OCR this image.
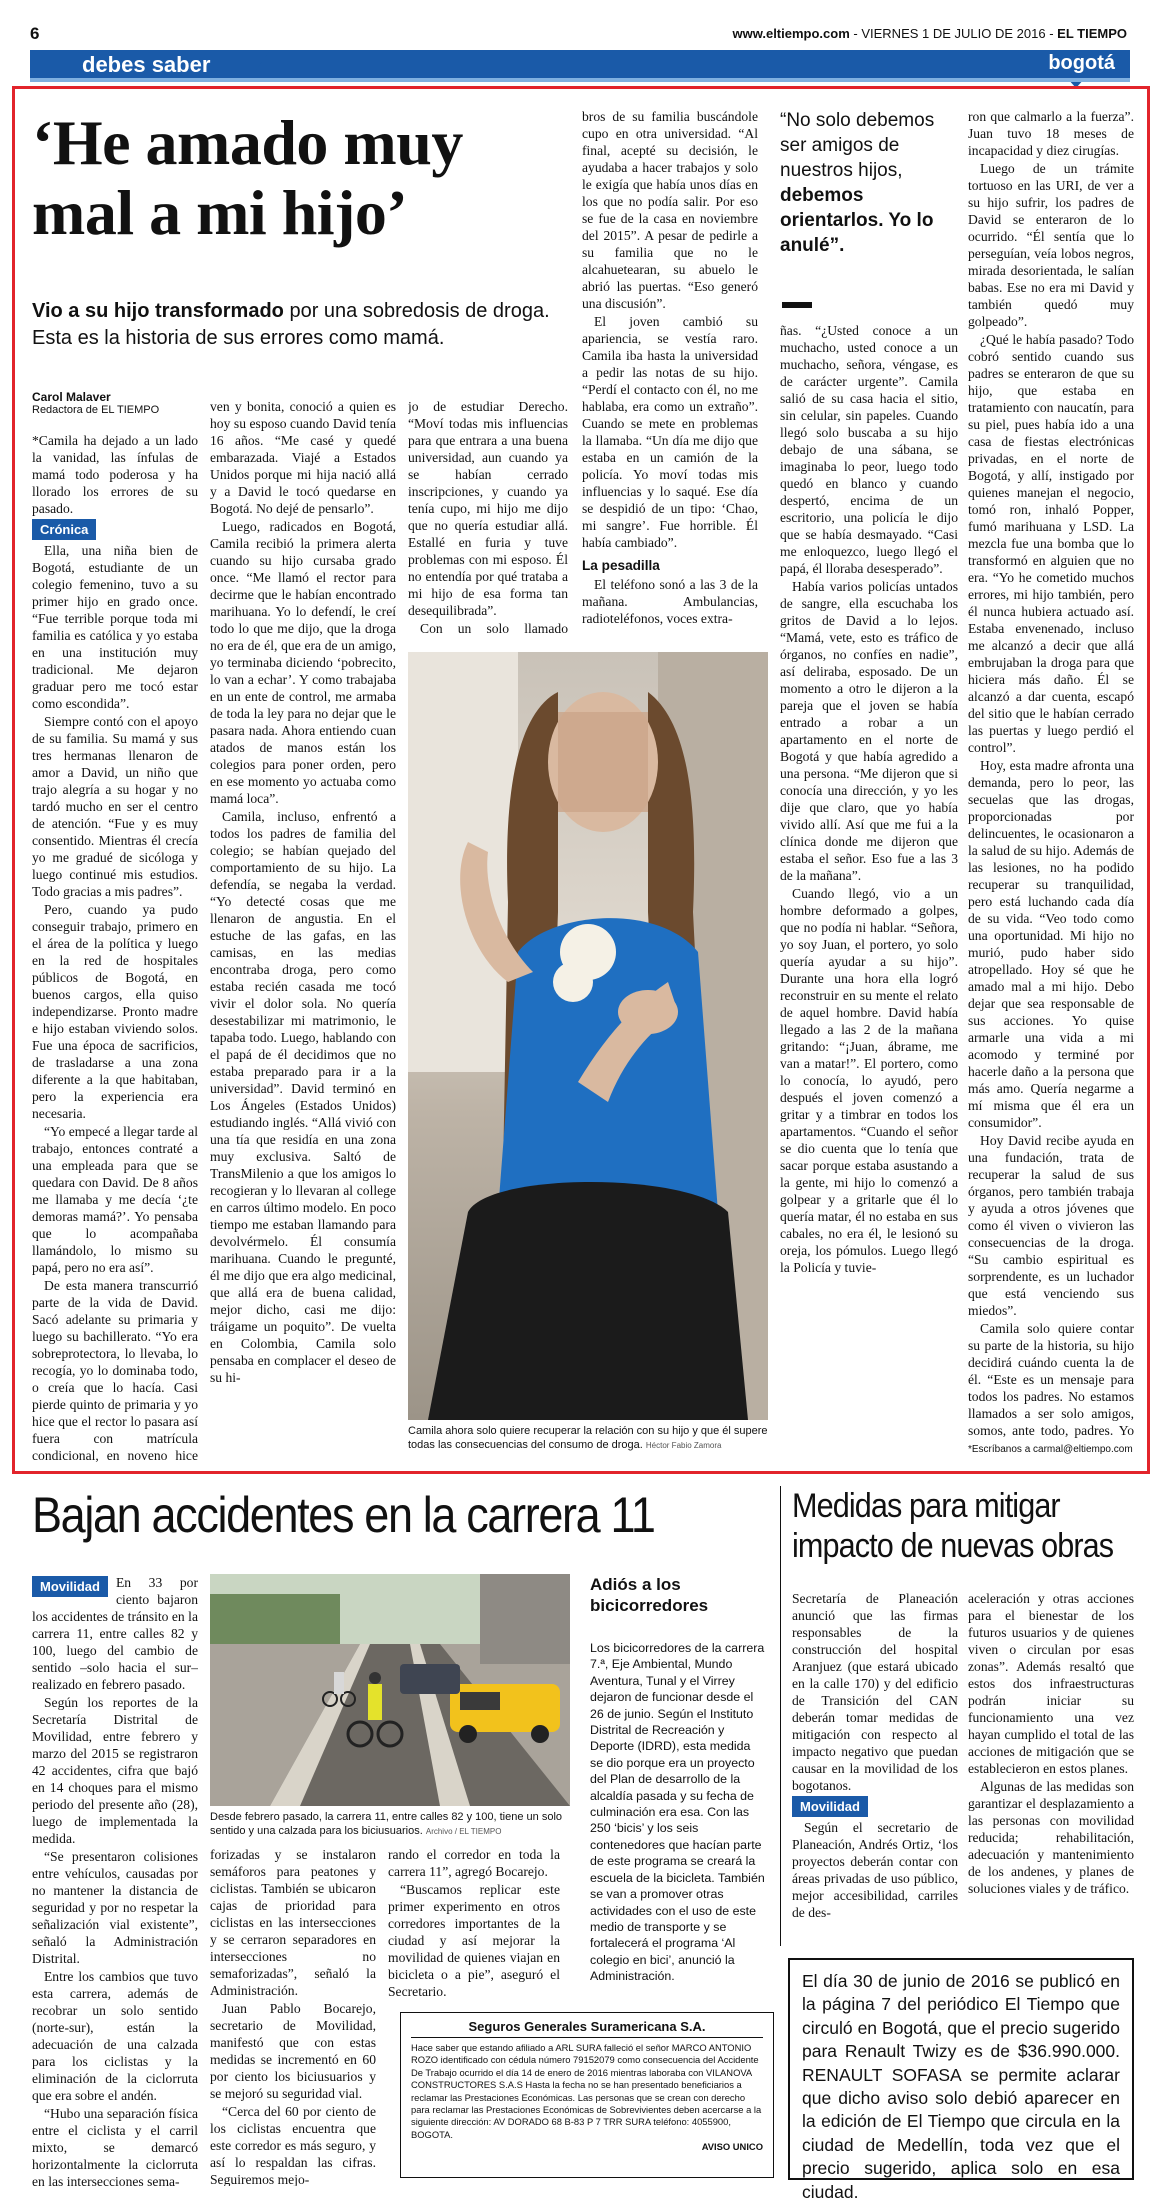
6	www.eltiempo.com - VIERNES 1 DE JULIO DE 2016 - EL TIEMPO
debes saber	bogotá
‘He amado muy mal a mi hijo’
Vio a su hijo transformado por una sobredosis de droga. Esta es la historia de sus errores como mamá.
Carol Malaver
Redactora de EL TIEMPO

*Camila ha dejado a un lado la vanidad, las ínfulas de mamá todo poderosa y ha llorado los errores de su pasado.

Crónica

Ella, una niña bien de Bogotá, estudiante de un colegio femenino, tuvo a su primer hijo en grado once. “Fue terrible porque toda mi familia es católica y yo estaba en una institución muy tradicional. Me dejaron graduar pero me tocó estar como escondida”.

Siempre contó con el apoyo de su familia. Su mamá y sus tres hermanas llenaron de amor a David, un niño que trajo alegría a su hogar y no tardó mucho en ser el centro de atención. “Fue y es muy consentido. Mientras él crecía yo me gradué de sicóloga y luego continué mis estudios. Todo gracias a mis padres”.

Pero, cuando ya pudo conseguir trabajo, primero en el área de la política y luego en la red de hospitales públicos de Bogotá, en buenos cargos, ella quiso independizarse. Pronto madre e hijo estaban viviendo solos. Fue una época de sacrificios, de trasladarse a una zona diferente a la que habitaban, pero la experiencia era necesaria.

“Yo empecé a llegar tarde al trabajo, entonces contraté a una empleada para que se quedara con David. De 8 años me llamaba y me decía ‘¿te demoras mamá?’. Yo pensaba que lo acompañaba llamándolo, lo mismo su papá, pero no era así”.

De esta manera transcurrió parte de la vida de David. Sacó adelante su primaria y luego su bachillerato. “Yo era sobreprotectora, lo llevaba, lo recogía, yo lo dominaba todo, o creía que lo hacía. Casi pierde quinto de primaria y yo hice que el rector lo pasara así fuera con matrícula condicional, en noveno hice

ven y bonita, conoció a quien es hoy su esposo cuando David tenía 16 años. “Me casé y quedé embarazada. Viajé a Estados Unidos porque mi hija nació allá y a David le tocó quedarse en Bogotá. No dejé de pensarlo”.

Luego, radicados en Bogotá, Camila recibió la primera alerta cuando su hijo cursaba grado once. “Me llamó el rector para decirme que le habían encontrado marihuana. Yo lo defendí, le creí todo lo que me dijo, que la droga no era de él, que era de un amigo, yo terminaba diciendo ‘pobrecito, lo van a echar’. Y como trabajaba en un ente de control, me armaba de toda la ley para no dejar que le pasara nada. Ahora entiendo cuan atados de manos están los colegios para poner orden, pero en ese momento yo actuaba como mamá loca”.

Camila, incluso, enfrentó a todos los padres de familia del colegio; se habían quejado del comportamiento de su hijo. La defendía, se negaba la verdad. “Yo detecté cosas que me llenaron de angustia. En el estuche de las gafas, en las camisas, en las medias encontraba droga, pero como estaba recién casada me tocó vivir el dolor sola. No quería desestabilizar mi matrimonio, le tapaba todo. Luego, hablando con el papá de él decidimos que no estaba preparado para ir a la universidad”. David terminó en Los Ángeles (Estados Unidos) estudiando inglés. “Allá vivió con una tía que residía en una zona muy exclusiva. Saltó de TransMilenio a que los amigos lo recogieran y lo llevaran al college en carros último modelo. En poco tiempo me estaban llamando para devolvérmelo. Él consumía marihuana. Cuando le pregunté, él me dijo que era algo medicinal, que allá era de buena calidad, mejor dicho, casi me dijo: tráigame un poquito”. De vuelta en Colombia, Camila solo pensaba en complacer el deseo de su hi-

jo de estudiar Derecho. “Moví todas mis influencias para que entrara a una buena universidad, aun cuando ya se habían cerrado inscripciones, y cuando ya tenía cupo, mi hijo me dijo que no quería estudiar allá. Estallé en furia y tuve problemas con mi esposo. Él no entendía por qué trataba a mi hijo de esa forma tan desequilibrada”.

Con un solo llamado

bros de su familia buscándole cupo en otra universidad. “Al final, acepté su decisión, le ayudaba a hacer trabajos y solo le exigía que había unos días en los que no podía salir. Por eso se fue de la casa en noviembre del 2015”. A pesar de pedirle a su familia que no le alcahuetearan, su abuelo le abrió las puertas. “Eso generó una discusión”.

El joven cambió su apariencia, se vestía raro. Camila iba hasta la universidad a pedir las notas de su hijo. “Perdí el contacto con él, no me hablaba, era como un extraño”. Cuando se mete en problemas la llamaba. “Un día me dijo que estaba en un camión de la policía. Yo moví todas mis influencias y lo saqué. Ese día se despidió de un tipo: ‘Chao, mi sangre’. Fue horrible. Él había cambiado”.

La pesadilla

El teléfono sonó a las 3 de la mañana. Ambulancias, radioteléfonos, voces extra-

“No solo debemos ser amigos de nuestros hijos, debemos orientarlos. Yo lo anulé”.

ñas. “¿Usted conoce a un muchacho, usted conoce a un muchacho, señora, véngase, es de carácter urgente”. Camila salió de su casa hacia el sitio, sin celular, sin papeles. Cuando llegó solo buscaba a su hijo debajo de una sábana, se imaginaba lo peor, luego todo quedó en blanco y cuando despertó, encima de un escritorio, una policía le dijo que se había desmayado. “Casi me enloquezco, luego llegó el papá, él lloraba desesperado”.

Había varios policías untados de sangre, ella escuchaba los gritos de David a lo lejos. “Mamá, vete, esto es tráfico de órganos, no confíes en nadie”, así deliraba, esposado. De un momento a otro le dijeron a la pareja que el joven se había entrado a robar a un apartamento en el norte de Bogotá y que había agredido a una persona. “Me dijeron que si conocía una dirección, y yo les dije que claro, que yo había vivido allí. Así que me fui a la clínica donde me dijeron que estaba el señor. Eso fue a las 3 de la mañana”.

Cuando llegó, vio a un hombre deformado a golpes, que no podía ni hablar. “Señora, yo soy Juan, el portero, yo solo quería ayudar a su hijo”. Durante una hora ella logró reconstruir en su mente el relato de aquel hombre. David había llegado a las 2 de la mañana gritando: “¡Juan, ábrame, me van a matar!”. El portero, como lo conocía, lo ayudó, pero después el joven comenzó a gritar y a timbrar en todos los apartamentos. “Cuando el señor se dio cuenta que lo tenía que sacar porque estaba asustando a la gente, mi hijo lo comenzó a golpear y a gritarle que él lo quería matar, él no estaba en sus cabales, no era él, le lesionó su oreja, los pómulos. Luego llegó la Policía y tuvie-

ron que calmarlo a la fuerza”. Juan tuvo 18 meses de incapacidad y diez cirugías.

Luego de un trámite tortuoso en las URI, de ver a su hijo sufrir, los padres de David se enteraron de lo ocurrido. “Él sentía que lo perseguían, veía lobos negros, mirada desorientada, le salían babas. Ese no era mi David y también quedó muy golpeado”.

¿Qué le había pasado? Todo cobró sentido cuando sus padres se enteraron de que su hijo, que estaba en tratamiento con naucatín, para su piel, pues había ido a una casa de fiestas electrónicas privadas, en el norte de Bogotá, y allí, instigado por quienes manejan el negocio, tomó ron, inhaló Popper, fumó marihuana y LSD. La mezcla fue una bomba que lo transformó en alguien que no era. “Yo he cometido muchos errores, mi hijo también, pero él nunca hubiera actuado así. Estaba envenenado, incluso me alcanzó a decir que allá embrujaban la droga para que hiciera más daño. Él se alcanzó a dar cuenta, escapó del sitio que le habían cerrado las puertas y luego perdió el control”.

Hoy, esta madre afronta una demanda, pero lo peor, las secuelas que las drogas, proporcionadas por delincuentes, le ocasionaron a la salud de su hijo. Además de las lesiones, no ha podido recuperar su tranquilidad, pero está luchando cada día de su vida. “Veo todo como una oportunidad. Mi hijo no murió, pudo haber sido atropellado. Hoy sé que he amado mal a mi hijo. Debo dejar que sea responsable de sus acciones. Yo quise armarle una vida a mi acomodo y terminé por hacerle daño a la persona que más amo. Quería negarme a mí misma que él era un consumidor”.

Hoy David recibe ayuda en una fundación, trata de recuperar la salud de sus órganos, pero también trabaja y ayuda a otros jóvenes que como él viven o vivieron las consecuencias de la droga. “Su cambio espiritual es sorprendente, es un luchador que está venciendo sus miedos”.

Camila solo quiere contar su parte de la historia, su hijo decidirá cuándo cuenta la de él. “Este es un mensaje para todos los padres. No estamos llamados a ser solo amigos, somos, ante todo, padres. Yo

*Escríbanos a carmal@eltiempo.com
Camila ahora solo quiere recuperar la relación con su hijo y que él supere todas las consecuencias del consumo de droga. Héctor Fabio Zamora
Bajan accidentes en la carrera 11

Movilidad	En 33 por ciento bajaron los accidentes de tránsito en la carrera 11, entre calles 82 y 100, luego del cambio de sentido –solo hacia el sur– realizado en febrero pasado.

Según los reportes de la Secretaría Distrital de Movilidad, entre febrero y marzo del 2015 se registraron 42 accidentes, cifra que bajó en 14 choques para el mismo periodo del presente año (28), luego de implementada la medida.

“Se presentaron colisiones entre vehículos, causadas por no mantener la distancia de seguridad y por no respetar la señalización vial existente”, señaló la Administración Distrital.

Entre los cambios que tuvo esta carrera, además de recobrar un solo sentido (norte-sur), están la adecuación de una calzada para los ciclistas y la eliminación de la ciclorruta que era sobre el andén.

“Hubo una separación física entre el ciclista y el carril mixto, se demarcó horizontalmente la ciclorruta en las intersecciones sema-

Desde febrero pasado, la carrera 11, entre calles 82 y 100, tiene un solo sentido y una calzada para los biciusuarios. Archivo / EL TIEMPO

forizadas y se instalaron semáforos para peatones y ciclistas. También se ubicaron cajas de prioridad para ciclistas en las intersecciones y se cerraron separadores en intersecciones no semaforizadas”, señaló la Administración.

Juan Pablo Bocarejo, secretario de Movilidad, manifestó que con estas medidas se incrementó en 60 por ciento los biciusuarios y se mejoró su seguridad vial.

“Cerca del 60 por ciento de los ciclistas encuentra que este corredor es más seguro, y así lo respaldan las cifras. Seguiremos mejo-

rando el corredor en toda la carrera 11”, agregó Bocarejo.

“Buscamos replicar este primer experimento en otros corredores importantes de la ciudad y así mejorar la movilidad de quienes viajan en bicicleta o a pie”, aseguró el Secretario.

Adiós a los bicicorredores
Los bicicorredores de la carrera 7.ª, Eje Ambiental, Mundo Aventura, Tunal y el Virrey dejaron de funcionar desde el 26 de junio. Según el Instituto Distrital de Recreación y Deporte (IDRD), esta medida se dio porque era un proyecto del Plan de desarrollo de la alcaldía pasada y su fecha de culminación era esa. Con las 250 ‘bicis’ y los seis contenedores que hacían parte de este programa se creará la escuela de la bicicleta. También se van a promover otras actividades con el uso de este medio de transporte y se fortalecerá el programa ‘Al colegio en bici’, anunció la Administración.
Seguros Generales Suramericana S.A.
Hace saber que estando afiliado a ARL SURA falleció el señor MARCO ANTONIO ROZO identificado con cédula número 79152079 como consecuencia del Accidente De Trabajo ocurrido el día 14 de enero de 2016 mientras laboraba con VILANOVA CONSTRUCTORES S.A.S Hasta la fecha no se han presentado beneficiarios a reclamar las Prestaciones Económicas. Las personas que se crean con derecho para reclamar las Prestaciones Económicas de Sobrevivientes deben acercarse a la siguiente dirección: AV DORADO 68 B-83 P 7 TRR SURA teléfono: 4055900, BOGOTA.
AVISO UNICO
Medidas para mitigar impacto de nuevas obras

Secretaría de Planeación anunció que las firmas responsables de la construcción del hospital Aranjuez (que estará ubicado en la calle 170) y del edificio de Transición del CAN deberán tomar medidas de mitigación con respecto al impacto negativo que puedan causar en la movilidad de los bogotanos.

Movilidad

Según el secretario de Planeación, Andrés Ortiz, ‘los proyectos deberán contar con áreas privadas de uso público, mejor accesibilidad, carriles de des-

aceleración y otras acciones para el bienestar de los futuros usuarios y de quienes viven o circulan por esas zonas”. Además resaltó que estos dos infraestructuras podrán iniciar su funcionamiento una vez hayan cumplido el total de las acciones de mitigación que se establecieron en estos planes.

Algunas de las medidas son garantizar el desplazamiento a las personas con movilidad reducida; rehabilitación, adecuación y mantenimiento de los andenes, y planes de soluciones viales y de tráfico.

El día 30 de junio de 2016 se publicó en la página 7 del periódico El Tiempo que circuló en Bogotá, que el precio sugerido para Renault Twizy es de $36.990.000. RENAULT SOFASA se permite aclarar que dicho aviso solo debió aparecer en la edición de El Tiempo que circula en la ciudad de Medellín, toda vez que el precio sugerido, aplica solo en esa ciudad.
